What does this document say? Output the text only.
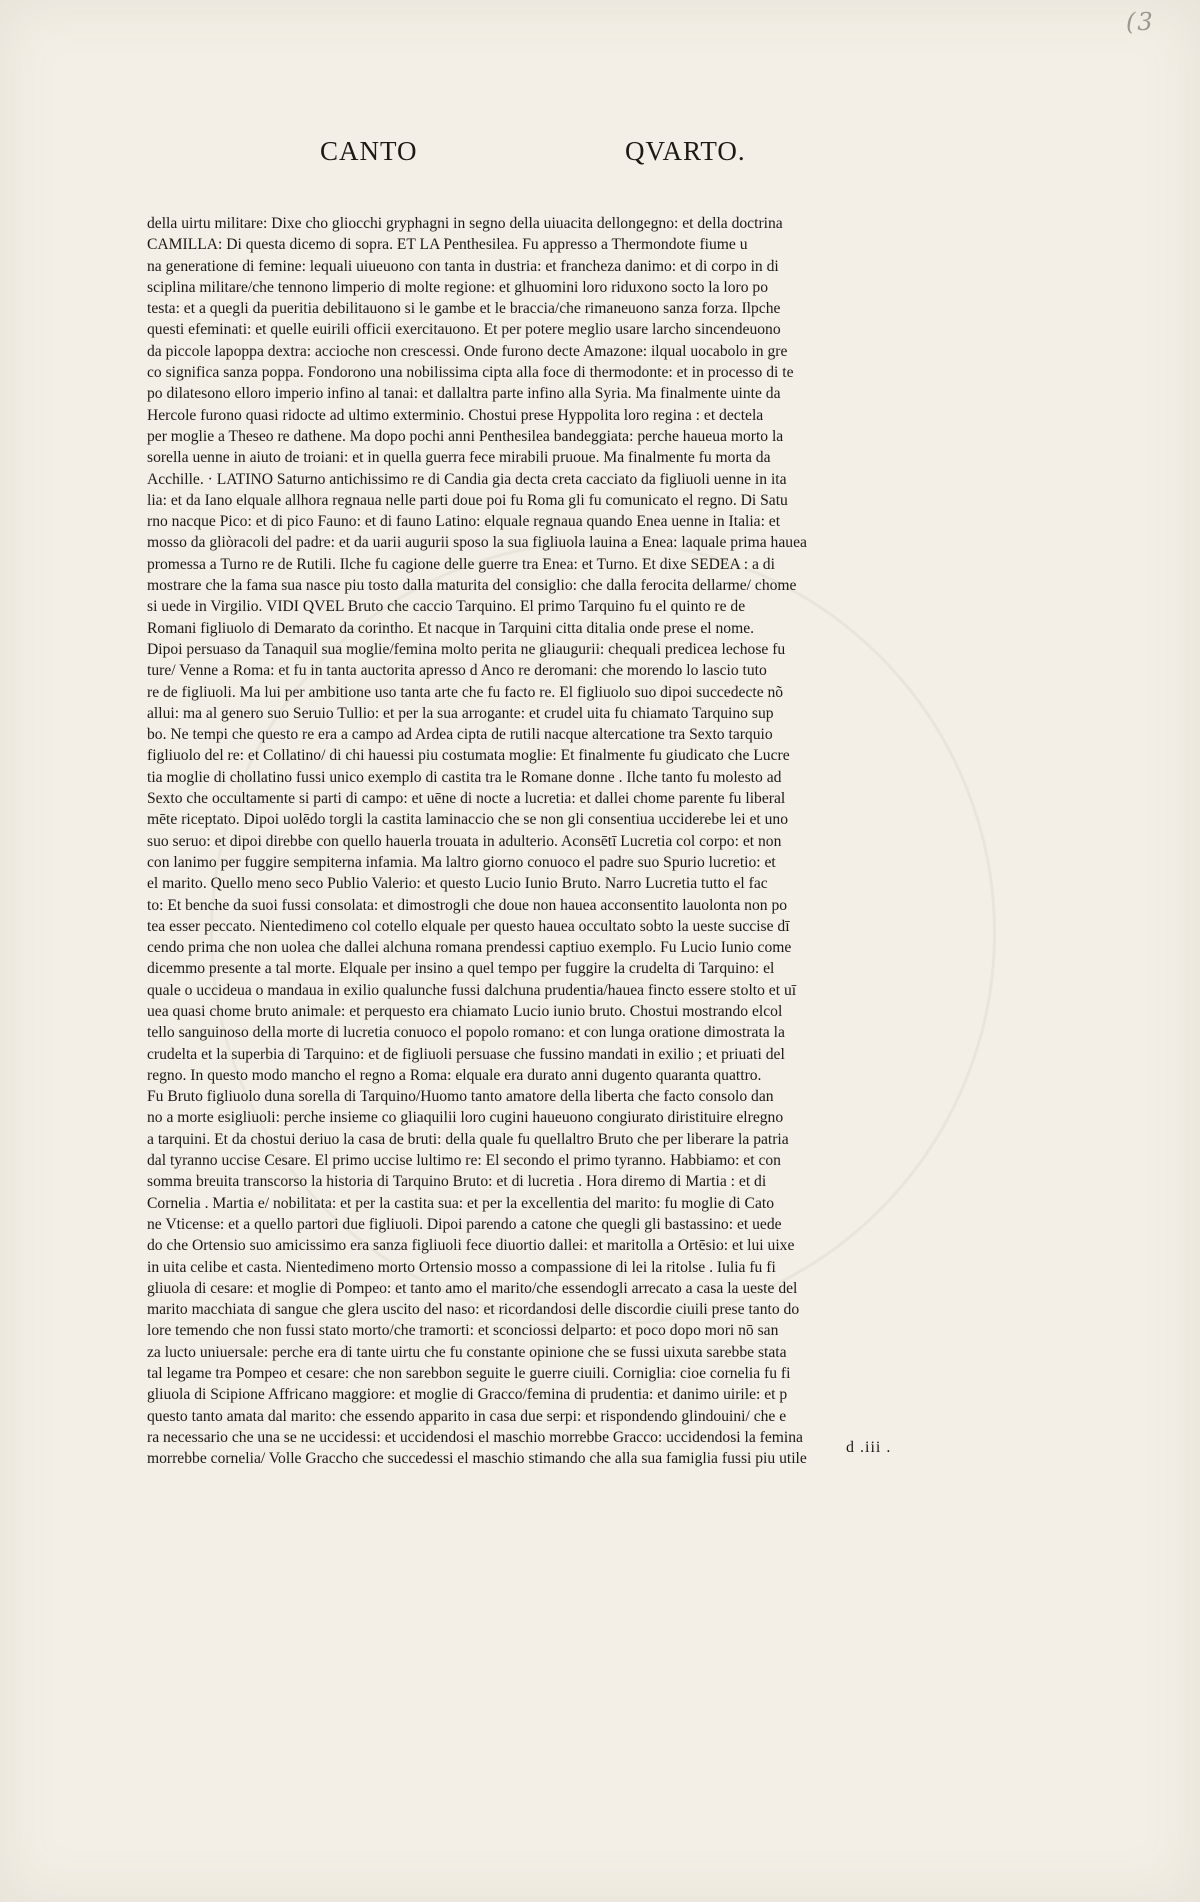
(3
CANTO	QVARTO.
della uirtu militare: Dixe cho gliocchi gryphagni in segno della uiuacita dellongegno: et della doctrina
CAMILLA: Di questa dicemo di sopra. ET LA Penthesilea. Fu appresso a Thermondote fiume u
na generatione di femine: lequali uiueuono con tanta in dustria: et francheza danimo: et di corpo in di
sciplina militare/che tennono limperio di molte regione: et glhuomini loro riduxono socto la loro po
testa: et a quegli da pueritia debilitauono si le gambe et le braccia/che rimaneuono sanza forza. Ilpche
questi efeminati: et quelle euirili officii exercitauono. Et per potere meglio usare larcho sincendeuono
da piccole lapoppa dextra: accioche non crescessi. Onde furono decte Amazone: ilqual uocabolo in gre
co significa sanza poppa. Fondorono una nobilissima cipta alla foce di thermodonte: et in processo di te
po dilatesono elloro imperio infino al tanai: et dallaltra parte infino alla Syria. Ma finalmente uinte da
Hercole furono quasi ridocte ad ultimo exterminio. Chostui prese Hyppolita loro regina : et dectela
per moglie a Theseo re dathene. Ma dopo pochi anni Penthesilea bandeggiata: perche haueua morto la
sorella uenne in aiuto de troiani: et in quella guerra fece mirabili pruoue. Ma finalmente fu morta da
Acchille. · LATINO Saturno antichissimo re di Candia gia decta creta cacciato da figliuoli uenne in ita
lia: et da Iano elquale allhora regnaua nelle parti doue poi fu Roma gli fu comunicato el regno. Di Satu
rno nacque Pico: et di pico Fauno: et di fauno Latino: elquale regnaua quando Enea uenne in Italia: et
mosso da gliòracoli del padre: et da uarii augurii sposo la sua figliuola lauina a Enea: laquale prima hauea
promessa a Turno re de Rutili. Ilche fu cagione delle guerre tra Enea: et Turno. Et dixe SEDEA : a di
mostrare che la fama sua nasce piu tosto dalla maturita del consiglio: che dalla ferocita dellarme/ chome
si uede in Virgilio. VIDI QVEL Bruto che caccio Tarquino. El primo Tarquino fu el quinto re de
Romani figliuolo di Demarato da corintho. Et nacque in Tarquini citta ditalia onde prese el nome.
Dipoi persuaso da Tanaquil sua moglie/femina molto perita ne gliaugurii: chequali predicea lechose fu
ture/ Venne a Roma: et fu in tanta auctorita apresso d Anco re deromani: che morendo lo lascio tuto
re de figliuoli. Ma lui per ambitione uso tanta arte che fu facto re. El figliuolo suo dipoi succedecte nõ
allui: ma al genero suo Seruio Tullio: et per la sua arrogante: et crudel uita fu chiamato Tarquino sup
bo. Ne tempi che questo re era a campo ad Ardea cipta de rutili nacque altercatione tra Sexto tarquio
figliuolo del re: et Collatino/ di chi hauessi piu costumata moglie: Et finalmente fu giudicato che Lucre
tia moglie di chollatino fussi unico exemplo di castita tra le Romane donne . Ilche tanto fu molesto ad
Sexto che occultamente si parti di campo: et uēne di nocte a lucretia: et dallei chome parente fu liberal
mēte riceptato. Dipoi uolēdo torgli la castita laminaccio che se non gli consentiua ucciderebe lei et uno
suo seruo: et dipoi direbbe con quello hauerla trouata in adulterio. Aconsētī Lucretia col corpo: et non
con lanimo per fuggire sempiterna infamia. Ma laltro giorno conuoco el padre suo Spurio lucretio: et
el marito. Quello meno seco Publio Valerio: et questo Lucio Iunio Bruto. Narro Lucretia tutto el fac
to: Et benche da suoi fussi consolata: et dimostrogli che doue non hauea acconsentito lauolonta non po
tea esser peccato. Nientedimeno col cotello elquale per questo hauea occultato sobto la ueste succise dī
cendo prima che non uolea che dallei alchuna romana prendessi captiuo exemplo. Fu Lucio Iunio come
dicemmo presente a tal morte. Elquale per insino a quel tempo per fuggire la crudelta di Tarquino: el
quale o uccideua o mandaua in exilio qualunche fussi dalchuna prudentia/hauea fincto essere stolto et uī
uea quasi chome bruto animale: et perquesto era chiamato Lucio iunio bruto. Chostui mostrando elcol
tello sanguinoso della morte di lucretia conuoco el popolo romano: et con lunga oratione dimostrata la
crudelta et la superbia di Tarquino: et de figliuoli persuase che fussino mandati in exilio ; et priuati del
regno. In questo modo mancho el regno a Roma: elquale era durato anni dugento quaranta quattro.
Fu Bruto figliuolo duna sorella di Tarquino/Huomo tanto amatore della liberta che facto consolo dan
no a morte esigliuoli: perche insieme co gliaquilii loro cugini haueuono congiurato diristituire elregno
a tarquini. Et da chostui deriuo la casa de bruti: della quale fu quellaltro Bruto che per liberare la patria
dal tyranno uccise Cesare. El primo uccise lultimo re: El secondo el primo tyranno. Habbiamo: et con
somma breuita transcorso la historia di Tarquino Bruto: et di lucretia . Hora diremo di Martia : et di
Cornelia . Martia e/ nobilitata: et per la castita sua: et per la excellentia del marito: fu moglie di Cato
ne Vticense: et a quello partori due figliuoli. Dipoi parendo a catone che quegli gli bastassino: et uede
do che Ortensio suo amicissimo era sanza figliuoli fece diuortio dallei: et maritolla a Ortēsio: et lui uixe
in uita celibe et casta. Nientedimeno morto Ortensio mosso a compassione di lei la ritolse . Iulia fu fi
gliuola di cesare: et moglie di Pompeo: et tanto amo el marito/che essendogli arrecato a casa la ueste del
marito macchiata di sangue che glera uscito del naso: et ricordandosi delle discordie ciuili prese tanto do
lore temendo che non fussi stato morto/che tramorti: et sconciossi delparto: et poco dopo mori nō san
za lucto uniuersale: perche era di tante uirtu che fu constante opinione che se fussi uixuta sarebbe stata
tal legame tra Pompeo et cesare: che non sarebbon seguite le guerre ciuili. Corniglia: cioe cornelia fu fi
gliuola di Scipione Affricano maggiore: et moglie di Gracco/femina di prudentia: et danimo uirile: et p
questo tanto amata dal marito: che essendo apparito in casa due serpi: et rispondendo glindouini/ che e
ra necessario che una se ne uccidessi: et uccidendosi el maschio morrebbe Gracco: uccidendosi la femina
morrebbe cornelia/ Volle Graccho che succedessi el maschio stimando che alla sua famiglia fussi piu utile
d .iii .
